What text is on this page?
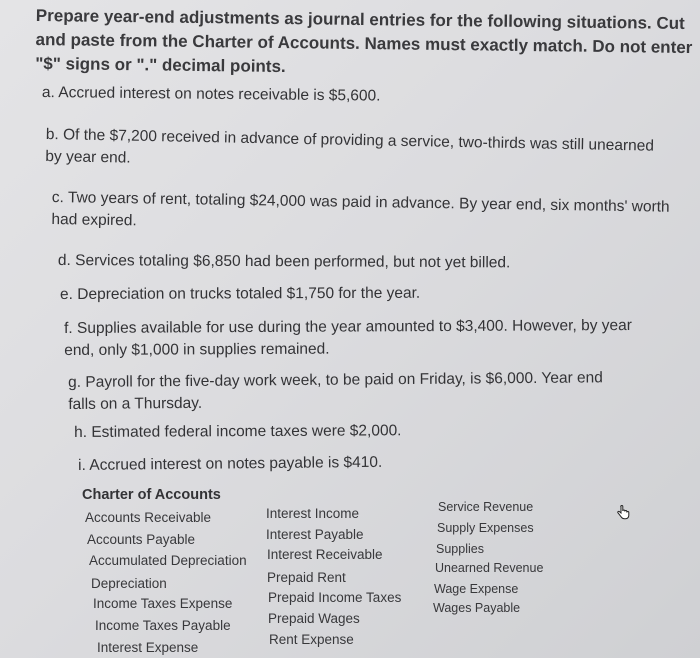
Prepare year-end adjustments as journal entries for the following situations. Cut and paste from the Charter of Accounts. Names must exactly match. Do not enter "$" signs or "." decimal points.
a. Accrued interest on notes receivable is $5,600.
b. Of the $7,200 received in advance of providing a service, two-thirds was still unearned by year end.
c. Two years of rent, totaling $24,000 was paid in advance. By year end, six months' worth had expired.
d. Services totaling $6,850 had been performed, but not yet billed.
e. Depreciation on trucks totaled $1,750 for the year.
f. Supplies available for use during the year amounted to $3,400. However, by year end, only $1,000 in supplies remained.
g. Payroll for the five-day work week, to be paid on Friday, is $6,000. Year end falls on a Thursday.
h. Estimated federal income taxes were $2,000.
i. Accrued interest on notes payable is $410.
Charter of Accounts
Accounts Receivable
Accounts Payable
Accumulated Depreciation
Depreciation
Income Taxes Expense
Income Taxes Payable
Interest Expense
Interest Income
Interest Payable
Interest Receivable
Prepaid Rent
Prepaid Income Taxes
Prepaid Wages
Rent Expense
Service Revenue
Supply Expenses
Supplies
Unearned Revenue
Wage Expense
Wages Payable
